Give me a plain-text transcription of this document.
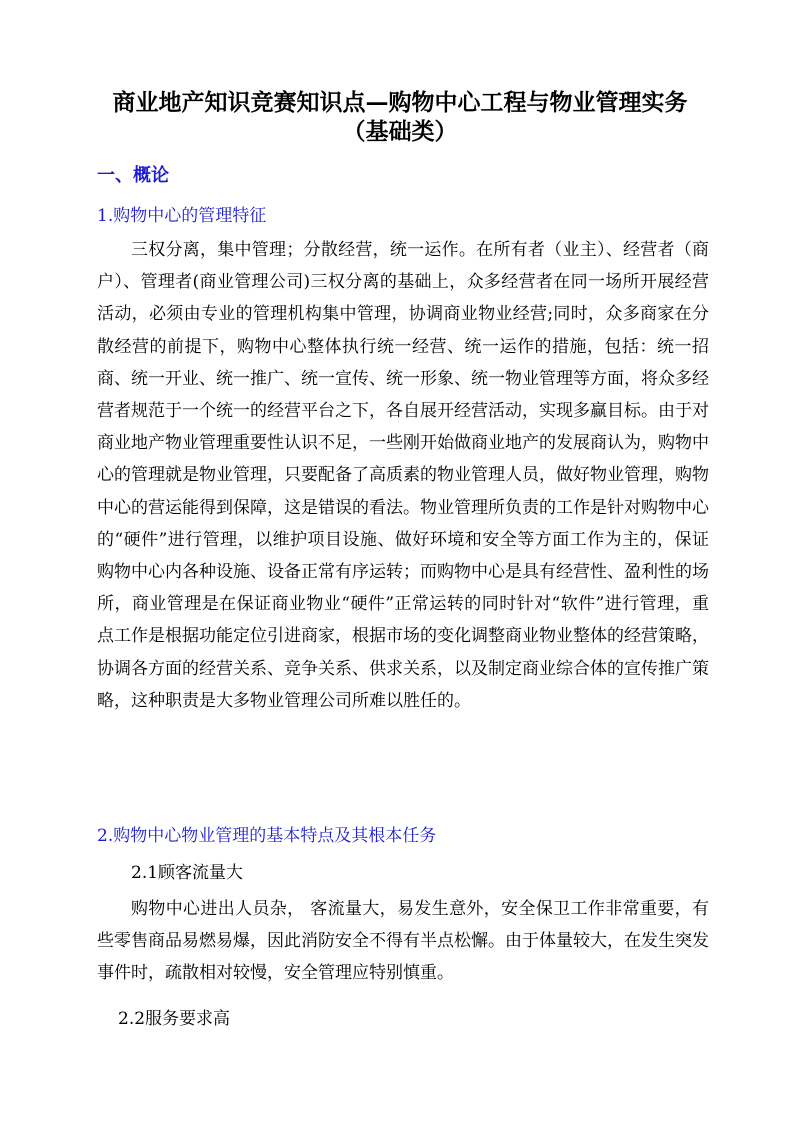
商业地产知识竞赛知识点—购物中心工程与物业管理实务
（基础类）
一、概论
1.购物中心的管理特征

三权分离，集中管理；分散经营，统一运作。在所有者（业主）、经营者（商户）、管理者(商业管理公司)三权分离的基础上，众多经营者在同一场所开展经营活动，必须由专业的管理机构集中管理，协调商业物业经营;同时，众多商家在分散经营的前提下，购物中心整体执行统一经营、统一运作的措施，包括：统一招商、统一开业、统一推广、统一宣传、统一形象、统一物业管理等方面，将众多经营者规范于一个统一的经营平台之下，各自展开经营活动，实现多赢目标。由于对商业地产物业管理重要性认识不足，一些刚开始做商业地产的发展商认为，购物中心的管理就是物业管理，只要配备了高质素的物业管理人员，做好物业管理，购物中心的营运能得到保障，这是错误的看法。物业管理所负责的工作是针对购物中心的“硬件”进行管理，以维护项目设施、做好环境和安全等方面工作为主的，保证购物中心内各种设施、设备正常有序运转；而购物中心是具有经营性、盈利性的场所，商业管理是在保证商业物业“硬件”正常运转的同时针对“软件”进行管理，重点工作是根据功能定位引进商家，根据市场的变化调整商业物业整体的经营策略，协调各方面的经营关系、竞争关系、供求关系，以及制定商业综合体的宣传推广策略，这种职责是大多物业管理公司所难以胜任的。

2.购物中心物业管理的基本特点及其根本任务
2.1顾客流量大

购物中心进出人员杂， 客流量大，易发生意外，安全保卫工作非常重要，有些零售商品易燃易爆，因此消防安全不得有半点松懈。由于体量较大，在发生突发事件时，疏散相对较慢，安全管理应特别慎重。

2.2服务要求高
